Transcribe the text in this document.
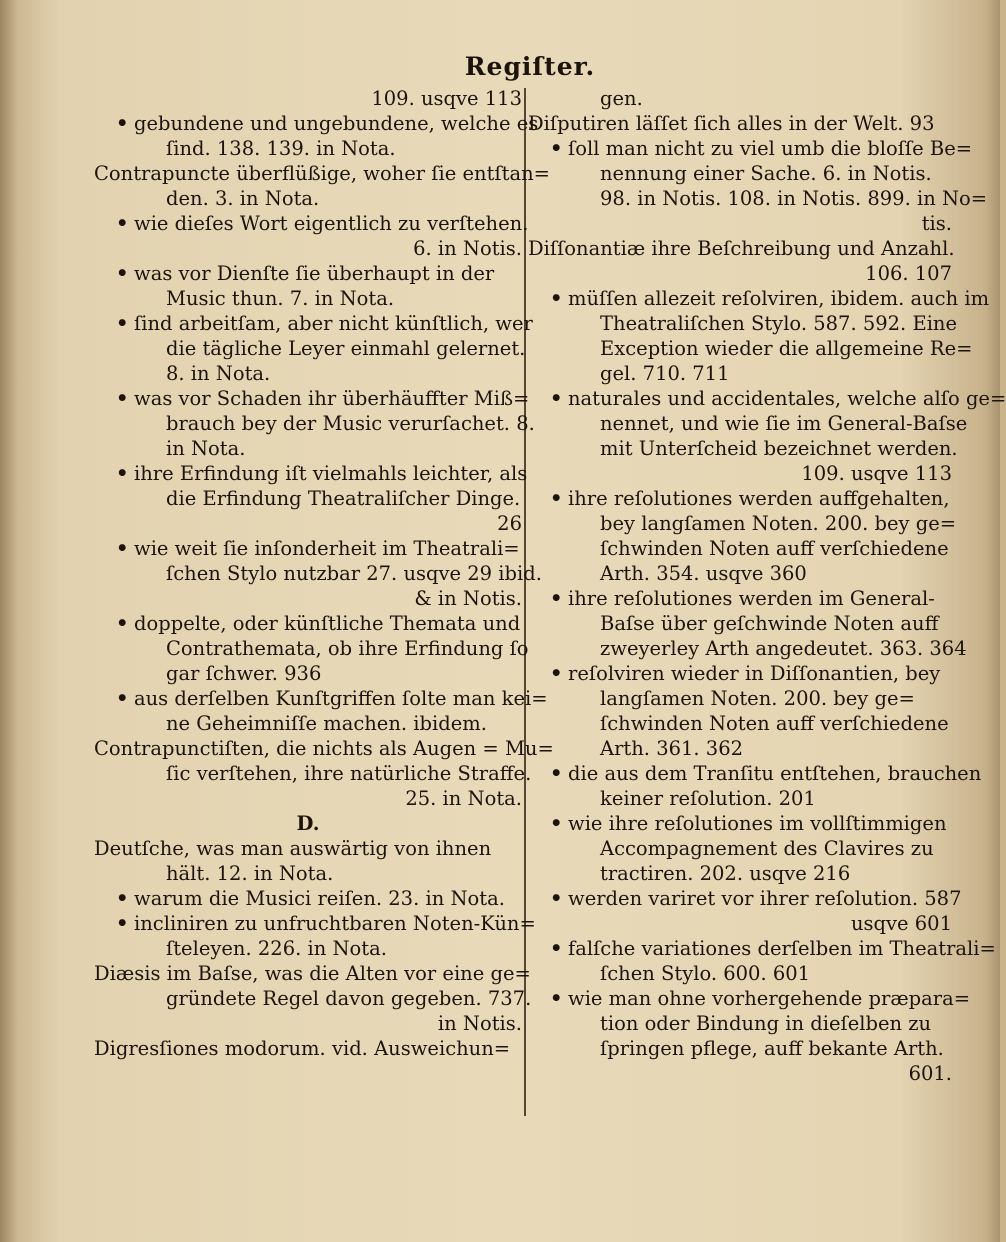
Regiſter.
109. usqve 113
• gebundene und ungebundene, welche es
ſind. 138. 139. in Nota.
Contrapuncte überflüßige, woher ſie entſtan=
den. 3. in Nota.
• wie dieſes Wort eigentlich zu verſtehen.
6. in Notis.
• was vor Dienſte ſie überhaupt in der
Music thun. 7. in Nota.
• ſind arbeitſam, aber nicht künſtlich, wer
die tägliche Leyer einmahl gelernet.
8. in Nota.
• was vor Schaden ihr überhäuffter Miß=
brauch bey der Music verurſachet. 8.
in Nota.
• ihre Erfindung iſt vielmahls leichter, als
die Erfindung Theatraliſcher Dinge.
26
• wie weit ſie inſonderheit im Theatrali=
ſchen Stylo nutzbar 27. usqve 29 ibid.
& in Notis.
• doppelte, oder künſtliche Themata und
Contrathemata, ob ihre Erfindung ſo
gar ſchwer. 936
• aus derſelben Kunſtgriffen ſolte man kei=
ne Geheimniſſe machen. ibidem.
Contrapunctiſten, die nichts als Augen = Mu=
ſic verſtehen, ihre natürliche Straffe.
25. in Nota.
D.
Deutſche, was man auswärtig von ihnen
hält. 12. in Nota.
• warum die Musici reiſen. 23. in Nota.
• incliniren zu unfruchtbaren Noten-Kün=
ſteleyen. 226. in Nota.
Diæsis im Baſse, was die Alten vor eine ge=
gründete Regel davon gegeben. 737.
in Notis.
Digresſiones modorum. vid. Ausweichun=
gen.
Diſputiren läſſet ſich alles in der Welt. 93
• ſoll man nicht zu viel umb die bloſſe Be=
nennung einer Sache. 6. in Notis.
98. in Notis. 108. in Notis. 899. in No=
tis.
Diſſonantiæ ihre Beſchreibung und Anzahl.
106. 107
• müſſen allezeit reſolviren, ibidem. auch im
Theatraliſchen Stylo. 587. 592. Eine
Exception wieder die allgemeine Re=
gel. 710. 711
• naturales und accidentales, welche alſo ge=
nennet, und wie ſie im General-Baſse
mit Unterſcheid bezeichnet werden.
109. usqve 113
• ihre reſolutiones werden auffgehalten,
bey langſamen Noten. 200. bey ge=
ſchwinden Noten auff verſchiedene
Arth. 354. usqve 360
• ihre reſolutiones werden im General-
Baſse über geſchwinde Noten auff
zweyerley Arth angedeutet. 363. 364
• reſolviren wieder in Diſſonantien, bey
langſamen Noten. 200. bey ge=
ſchwinden Noten auff verſchiedene
Arth. 361. 362
• die aus dem Tranſitu entſtehen, brauchen
keiner reſolution. 201
• wie ihre reſolutiones im vollſtimmigen
Accompagnement des Clavires zu
tractiren. 202. usqve 216
• werden variret vor ihrer reſolution. 587
usqve 601
• falſche variationes derſelben im Theatrali=
ſchen Stylo. 600. 601
• wie man ohne vorhergehende præpara=
tion oder Bindung in dieſelben zu
ſpringen pflege, auff bekante Arth.
601.
